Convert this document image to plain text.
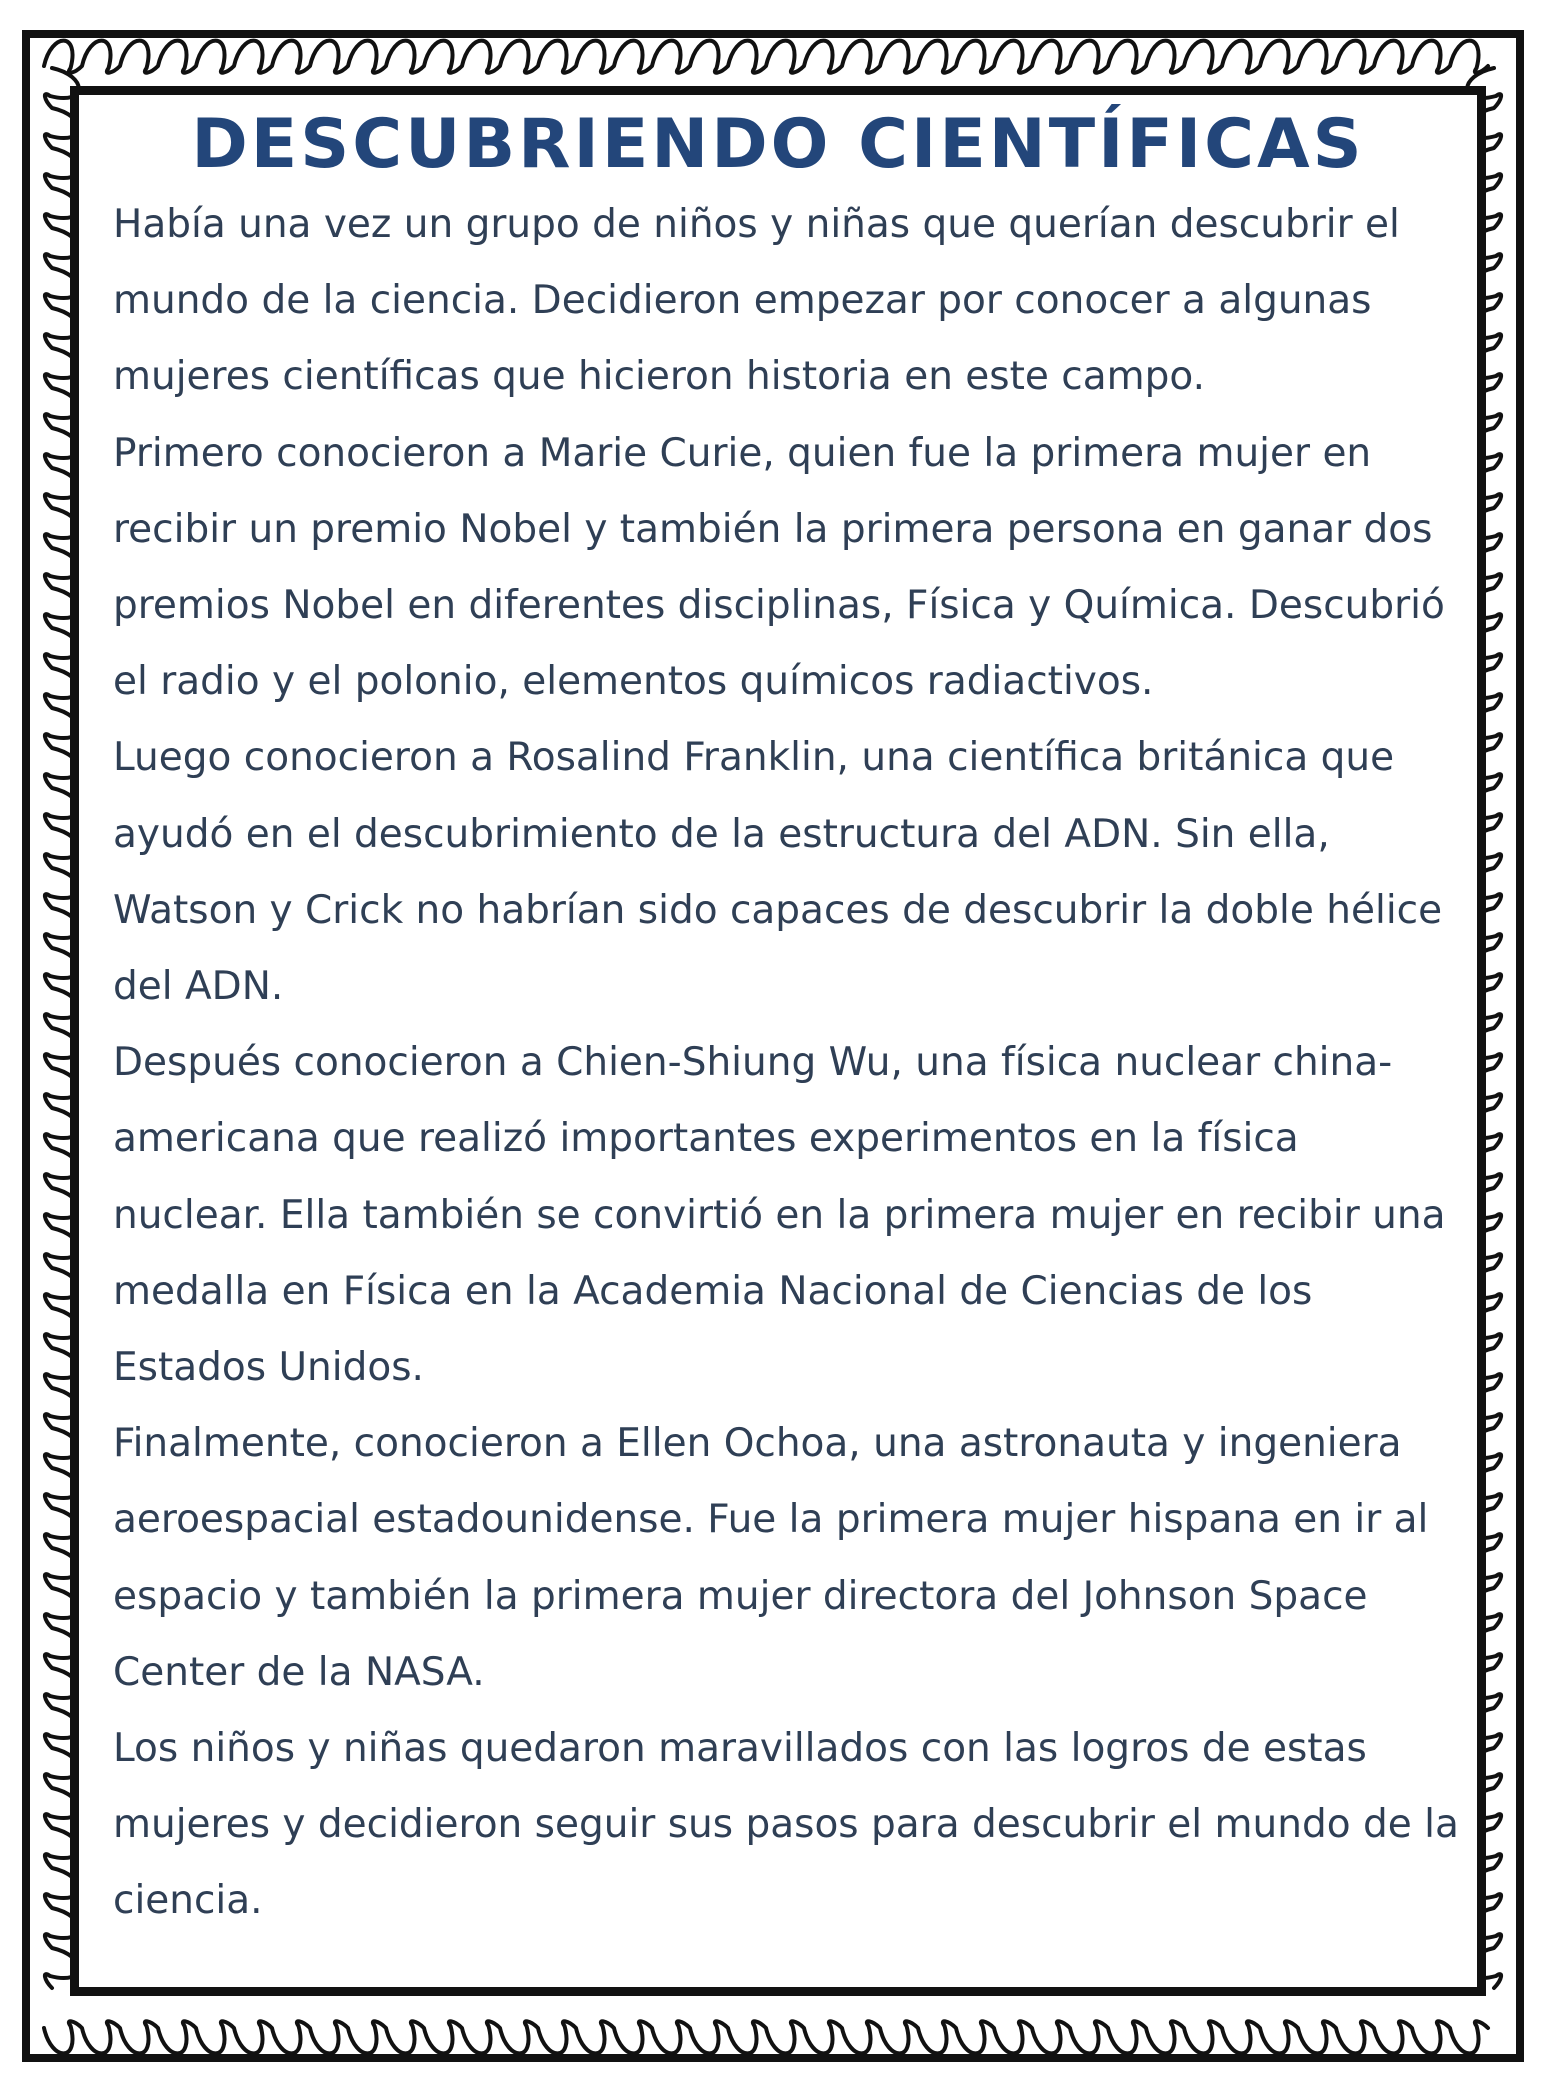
DESCUBRIENDO CIENTÍFICAS

Había una vez un grupo de niños y niñas que querían descubrir el mundo de la ciencia. Decidieron empezar por conocer a algunas mujeres científicas que hicieron historia en este campo.

Primero conocieron a Marie Curie, quien fue la primera mujer en recibir un premio Nobel y también la primera persona en ganar dos premios Nobel en diferentes disciplinas, Física y Química. Descubrió el radio y el polonio, elementos químicos radiactivos.

Luego conocieron a Rosalind Franklin, una científica británica que ayudó en el descubrimiento de la estructura del ADN. Sin ella, Watson y Crick no habrían sido capaces de descubrir la doble hélice del ADN.

Después conocieron a Chien-Shiung Wu, una física nuclear china-americana que realizó importantes experimentos en la física nuclear. Ella también se convirtió en la primera mujer en recibir una medalla en Física en la Academia Nacional de Ciencias de los Estados Unidos.

Finalmente, conocieron a Ellen Ochoa, una astronauta y ingeniera aeroespacial estadounidense. Fue la primera mujer hispana en ir al espacio y también la primera mujer directora del Johnson Space Center de la NASA.

Los niños y niñas quedaron maravillados con las logros de estas mujeres y decidieron seguir sus pasos para descubrir el mundo de la ciencia.
